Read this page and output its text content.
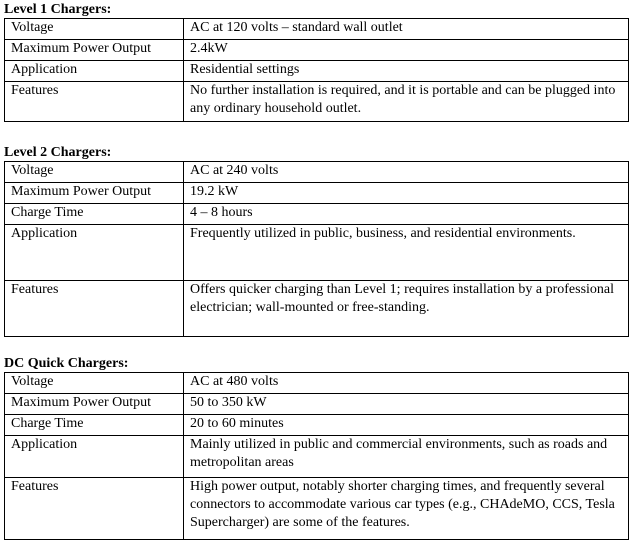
Level 1 Chargers:
Voltage	AC at 120 volts – standard wall outlet
Maximum Power Output	2.4kW
Application	Residential settings
Features	No further installation is required, and it is portable and can be plugged into any ordinary household outlet.
Level 2 Chargers:
Voltage	AC at 240 volts
Maximum Power Output	19.2 kW
Charge Time	4 – 8 hours
Application	Frequently utilized in public, business, and residential environments.
Features	Offers quicker charging than Level 1; requires installation by a professional electrician; wall-mounted or free-standing.
DC Quick Chargers:
Voltage	AC at 480 volts
Maximum Power Output	50 to 350 kW
Charge Time	20 to 60 minutes
Application	Mainly utilized in public and commercial environments, such as roads and metropolitan areas
Features	High power output, notably shorter charging times, and frequently several connectors to accommodate various car types (e.g., CHAdeMO, CCS, Tesla Supercharger) are some of the features.
